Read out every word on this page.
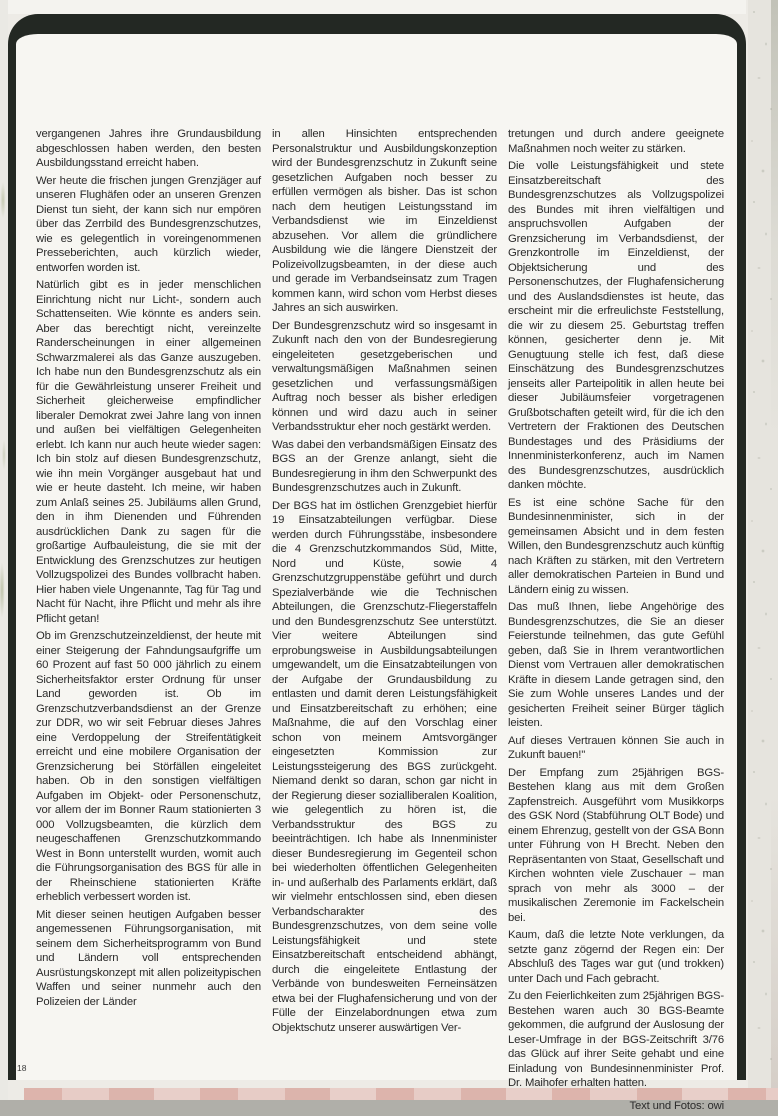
18

vergangenen Jahres ihre Grundausbildung abgeschlossen haben werden, den besten Ausbildungsstand erreicht haben.

Wer heute die frischen jungen Grenzjäger auf unseren Flughäfen oder an unseren Grenzen Dienst tun sieht, der kann sich nur empören über das Zerrbild des Bundesgrenzschutzes, wie es gelegentlich in voreingenommenen Presseberichten, auch kürzlich wieder, entworfen worden ist.

Natürlich gibt es in jeder menschlichen Einrichtung nicht nur Licht-, sondern auch Schattenseiten. Wie könnte es anders sein. Aber das berechtigt nicht, vereinzelte Randerscheinungen in einer allgemeinen Schwarzmalerei als das Ganze auszugeben. Ich habe nun den Bundesgrenzschutz als ein für die Gewährleistung unserer Freiheit und Sicherheit gleicherweise empfindlicher liberaler Demokrat zwei Jahre lang von innen und außen bei vielfältigen Gelegenheiten erlebt. Ich kann nur auch heute wieder sagen: Ich bin stolz auf diesen Bundesgrenzschutz, wie ihn mein Vorgänger ausgebaut hat und wie er heute dasteht. Ich meine, wir haben zum Anlaß seines 25. Jubiläums allen Grund, den in ihm Dienenden und Führenden ausdrücklichen Dank zu sagen für die großartige Aufbauleistung, die sie mit der Entwicklung des Grenzschutzes zur heutigen Vollzugspolizei des Bundes vollbracht haben. Hier haben viele Ungenannte, Tag für Tag und Nacht für Nacht, ihre Pflicht und mehr als ihre Pflicht getan!

Ob im Grenzschutzeinzeldienst, der heute mit einer Steigerung der Fahndungsaufgriffe um 60 Prozent auf fast 50 000 jährlich zu einem Sicherheitsfaktor erster Ordnung für unser Land geworden ist. Ob im Grenzschutzverbandsdienst an der Grenze zur DDR, wo wir seit Februar dieses Jahres eine Verdoppelung der Streifentätigkeit erreicht und eine mobilere Organisation der Grenzsicherung bei Störfällen eingeleitet haben. Ob in den sonstigen vielfältigen Aufgaben im Objekt- oder Personenschutz, vor allem der im Bonner Raum stationierten 3 000 Vollzugsbeamten, die kürzlich dem neugeschaffenen Grenzschutzkommando West in Bonn unterstellt wurden, womit auch die Führungsorganisation des BGS für alle in der Rheinschiene stationierten Kräfte erheblich verbessert worden ist.

Mit dieser seinen heutigen Aufgaben besser angemessenen Führungsorganisation, mit seinem dem Sicherheitsprogramm von Bund und Ländern voll entsprechenden Ausrüstungskonzept mit allen polizeitypischen Waffen und seiner nunmehr auch den Polizeien der Länder

in allen Hinsichten entsprechenden Personalstruktur und Ausbildungskonzeption wird der Bundesgrenzschutz in Zukunft seine gesetzlichen Aufgaben noch besser zu erfüllen vermögen als bisher. Das ist schon nach dem heutigen Leistungsstand im Verbandsdienst wie im Einzeldienst abzusehen. Vor allem die gründlichere Ausbildung wie die längere Dienstzeit der Polizeivollzugsbeamten, in der diese auch und gerade im Verbandseinsatz zum Tragen kommen kann, wird schon vom Herbst dieses Jahres an sich auswirken.

Der Bundesgrenzschutz wird so insgesamt in Zukunft nach den von der Bundesregierung eingeleiteten gesetzgeberischen und verwaltungsmäßigen Maßnahmen seinen gesetzlichen und verfassungsmäßigen Auftrag noch besser als bisher erledigen können und wird dazu auch in seiner Verbandsstruktur eher noch gestärkt werden.

Was dabei den verbandsmäßigen Einsatz des BGS an der Grenze anlangt, sieht die Bundesregierung in ihm den Schwerpunkt des Bundesgrenzschutzes auch in Zukunft.

Der BGS hat im östlichen Grenzgebiet hierfür 19 Einsatzabteilungen verfügbar. Diese werden durch Führungsstäbe, insbesondere die 4 Grenzschutzkommandos Süd, Mitte, Nord und Küste, sowie 4 Grenzschutzgruppenstäbe geführt und durch Spezialverbände wie die Technischen Abteilungen, die Grenzschutz-Fliegerstaffeln und den Bundesgrenzschutz See unterstützt. Vier weitere Abteilungen sind erprobungsweise in Ausbildungsabteilungen umgewandelt, um die Einsatzabteilungen von der Aufgabe der Grundausbildung zu entlasten und damit deren Leistungsfähigkeit und Einsatzbereitschaft zu erhöhen; eine Maßnahme, die auf den Vorschlag einer schon von meinem Amtsvorgänger eingesetzten Kommission zur Leistungssteigerung des BGS zurückgeht. Niemand denkt so daran, schon gar nicht in der Regierung dieser sozialliberalen Koalition, wie gelegentlich zu hören ist, die Verbandsstruktur des BGS zu beeinträchtigen. Ich habe als Innenminister dieser Bundesregierung im Gegenteil schon bei wiederholten öffentlichen Gelegenheiten in- und außerhalb des Parlaments erklärt, daß wir vielmehr entschlossen sind, eben diesen Verbandscharakter des Bundesgrenzschutzes, von dem seine volle Leistungsfähigkeit und stete Einsatzbereitschaft entscheidend abhängt, durch die eingeleitete Entlastung der Verbände von bundesweiten Ferneinsätzen etwa bei der Flughafensicherung und von der Fülle der Einzelabordnungen etwa zum Objektschutz unserer auswärtigen Ver-

tretungen und durch andere geeignete Maßnahmen noch weiter zu stärken.

Die volle Leistungsfähigkeit und stete Einsatzbereitschaft des Bundesgrenzschutzes als Vollzugspolizei des Bundes mit ihren vielfältigen und anspruchsvollen Aufgaben der Grenzsicherung im Verbandsdienst, der Grenzkontrolle im Einzeldienst, der Objektsicherung und des Personenschutzes, der Flughafensicherung und des Auslandsdienstes ist heute, das erscheint mir die erfreulichste Feststellung, die wir zu diesem 25. Geburtstag treffen können, gesicherter denn je. Mit Genugtuung stelle ich fest, daß diese Einschätzung des Bundesgrenzschutzes jenseits aller Parteipolitik in allen heute bei dieser Jubiläumsfeier vorgetragenen Grußbotschaften geteilt wird, für die ich den Vertretern der Fraktionen des Deutschen Bundestages und des Präsidiums der Innenministerkonferenz, auch im Namen des Bundesgrenzschutzes, ausdrücklich danken möchte.

Es ist eine schöne Sache für den Bundesinnenminister, sich in der gemeinsamen Absicht und in dem festen Willen, den Bundesgrenzschutz auch künftig nach Kräften zu stärken, mit den Vertretern aller demokratischen Parteien in Bund und Ländern einig zu wissen.

Das muß Ihnen, liebe Angehörige des Bundesgrenzschutzes, die Sie an dieser Feierstunde teilnehmen, das gute Gefühl geben, daß Sie in Ihrem verantwortlichen Dienst vom Vertrauen aller demokratischen Kräfte in diesem Lande getragen sind, den Sie zum Wohle unseres Landes und der gesicherten Freiheit seiner Bürger täglich leisten.

Auf dieses Vertrauen können Sie auch in Zukunft bauen!''

Der Empfang zum 25jährigen BGS-Bestehen klang aus mit dem Großen Zapfenstreich. Ausgeführt vom Musikkorps des GSK Nord (Stabführung OLT Bode) und einem Ehrenzug, gestellt von der GSA Bonn unter Führung von H Brecht. Neben den Repräsentanten von Staat, Gesellschaft und Kirchen wohnten viele Zuschauer – man sprach von mehr als 3000 – der musikalischen Zeremonie im Fackelschein bei.

Kaum, daß die letzte Note verklungen, da setzte ganz zögernd der Regen ein: Der Abschluß des Tages war gut (und trokken) unter Dach und Fach gebracht.

Zu den Feierlichkeiten zum 25jährigen BGS-Bestehen waren auch 30 BGS-Beamte gekommen, die aufgrund der Auslosung der Leser-Umfrage in der BGS-Zeitschrift 3/76 das Glück auf ihrer Seite gehabt und eine Einladung von Bundesinnenminister Prof. Dr. Maihofer erhalten hatten.

Text und Fotos: owi
